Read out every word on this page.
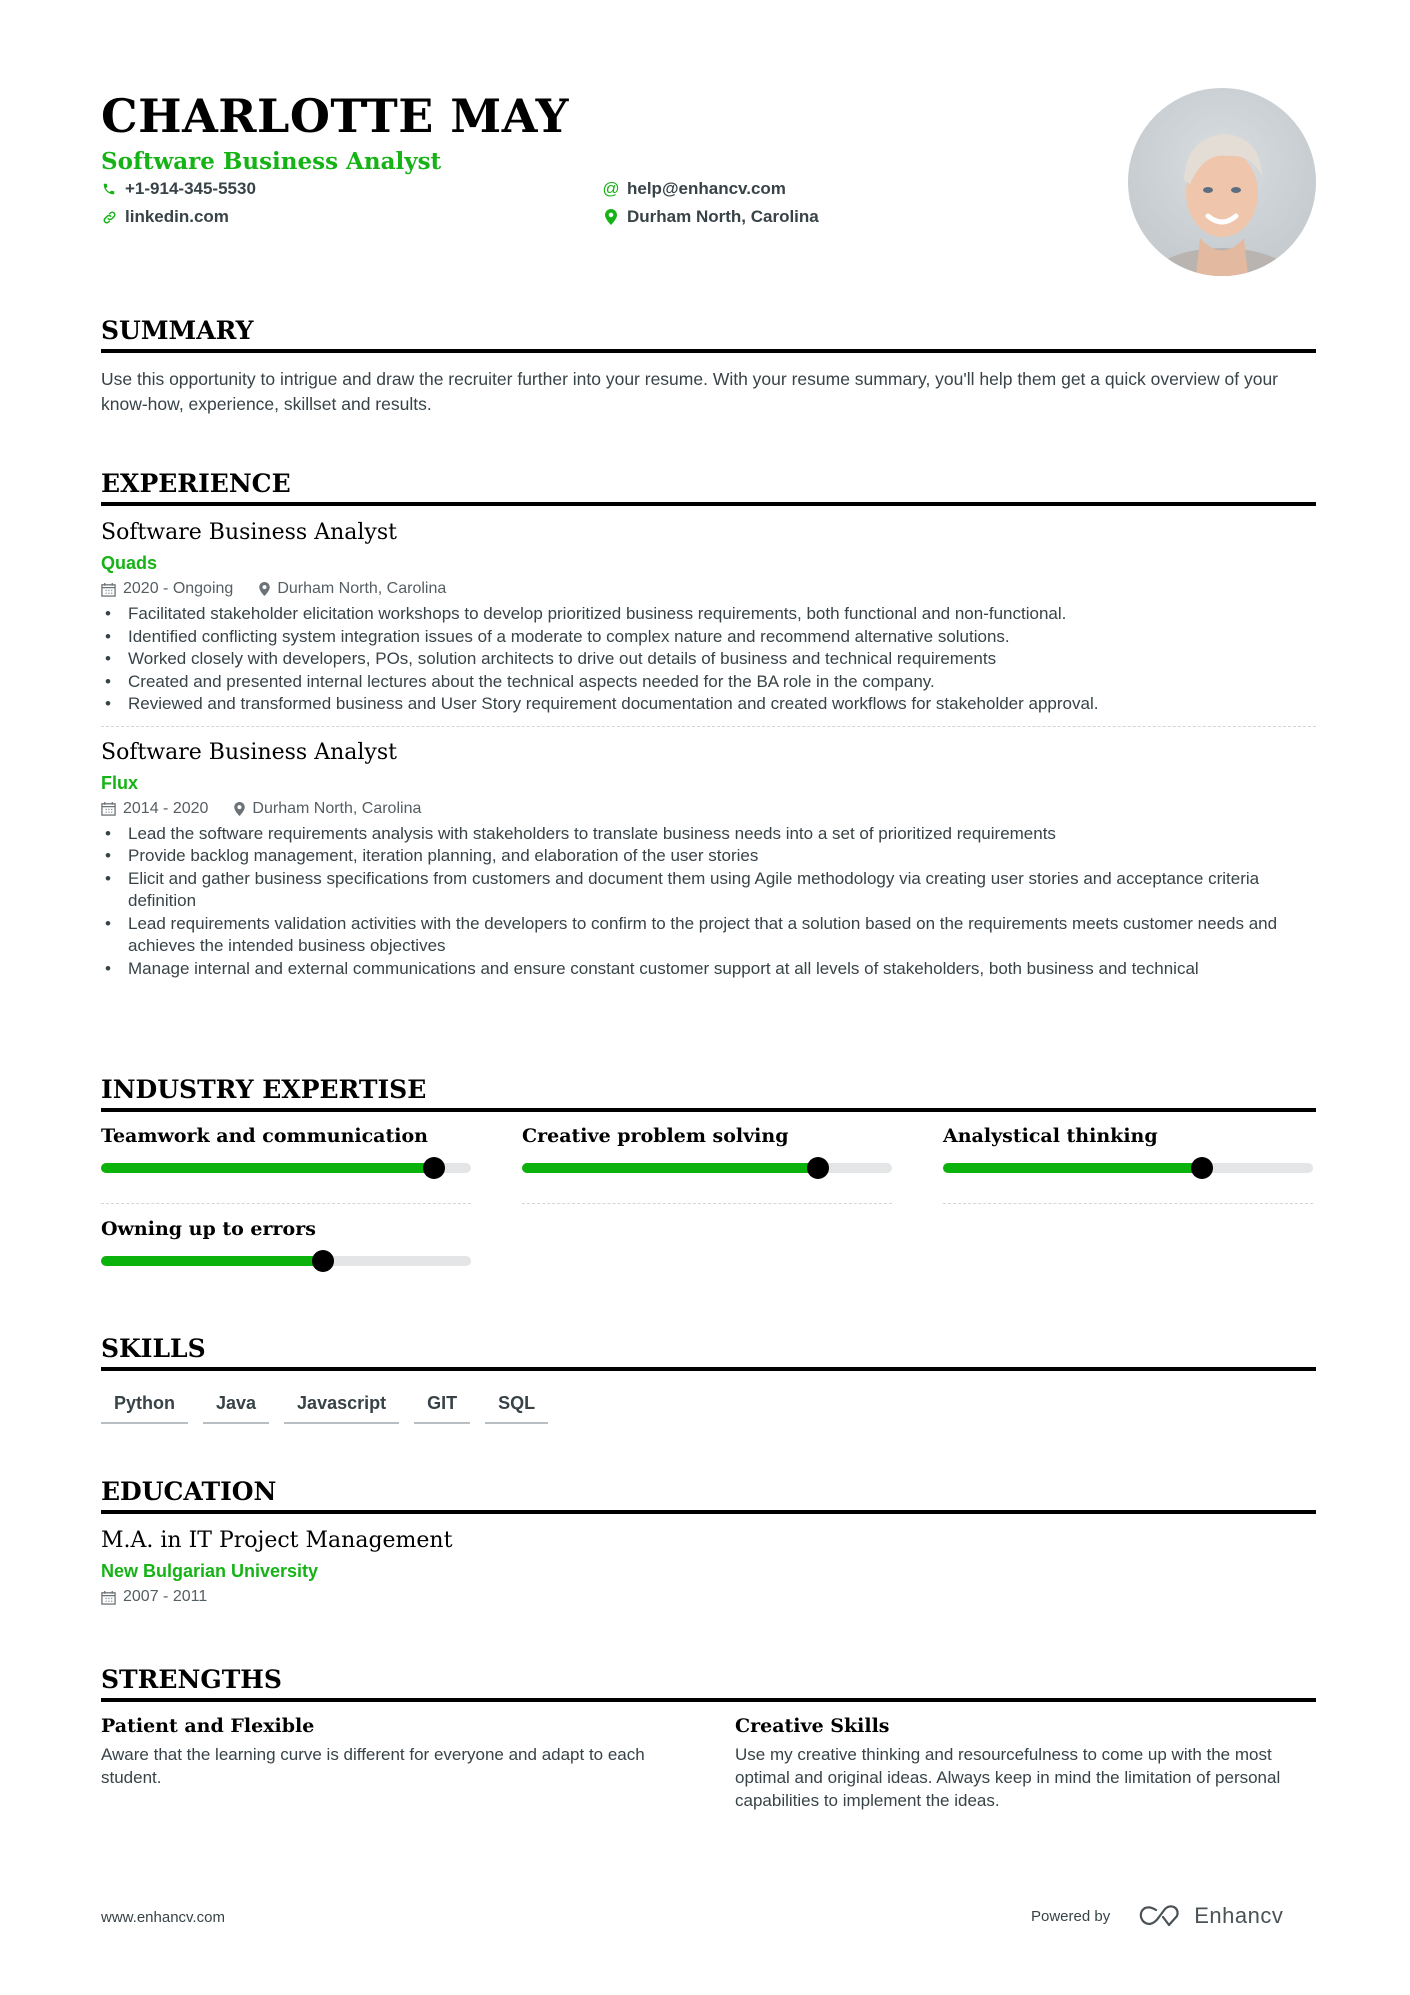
CHARLOTTE MAY
Software Business Analyst
+1-914-345-5530
linkedin.com
@ help@enhancv.com
Durham North, Carolina
SUMMARY
Use this opportunity to intrigue and draw the recruiter further into your resume. With your resume summary, you'll help them get a quick overview of your know-how, experience, skillset and results.
EXPERIENCE
Software Business Analyst
Quads
2020 - Ongoing	Durham North, Carolina
• Facilitated stakeholder elicitation workshops to develop prioritized business requirements, both functional and non-functional.
• Identified conflicting system integration issues of a moderate to complex nature and recommend alternative solutions.
• Worked closely with developers, POs, solution architects to drive out details of business and technical requirements
• Created and presented internal lectures about the technical aspects needed for the BA role in the company.
• Reviewed and transformed business and User Story requirement documentation and created workflows for stakeholder approval.
Software Business Analyst
Flux
2014 - 2020	Durham North, Carolina
• Lead the software requirements analysis with stakeholders to translate business needs into a set of prioritized requirements
• Provide backlog management, iteration planning, and elaboration of the user stories
• Elicit and gather business specifications from customers and document them using Agile methodology via creating user stories and acceptance criteria definition
• Lead requirements validation activities with the developers to confirm to the project that a solution based on the requirements meets customer needs and achieves the intended business objectives
• Manage internal and external communications and ensure constant customer support at all levels of stakeholders, both business and technical
INDUSTRY EXPERTISE
Teamwork and communication	Creative problem solving	Analystical thinking
Owning up to errors
SKILLS
Python	Java	Javascript	GIT	SQL
EDUCATION
M.A. in IT Project Management
New Bulgarian University
2007 - 2011
STRENGTHS
Patient and Flexible
Aware that the learning curve is different for everyone and adapt to each student.
Creative Skills
Use my creative thinking and resourcefulness to come up with the most optimal and original ideas. Always keep in mind the limitation of personal capabilities to implement the ideas.
www.enhancv.com	Powered by	Enhancv
